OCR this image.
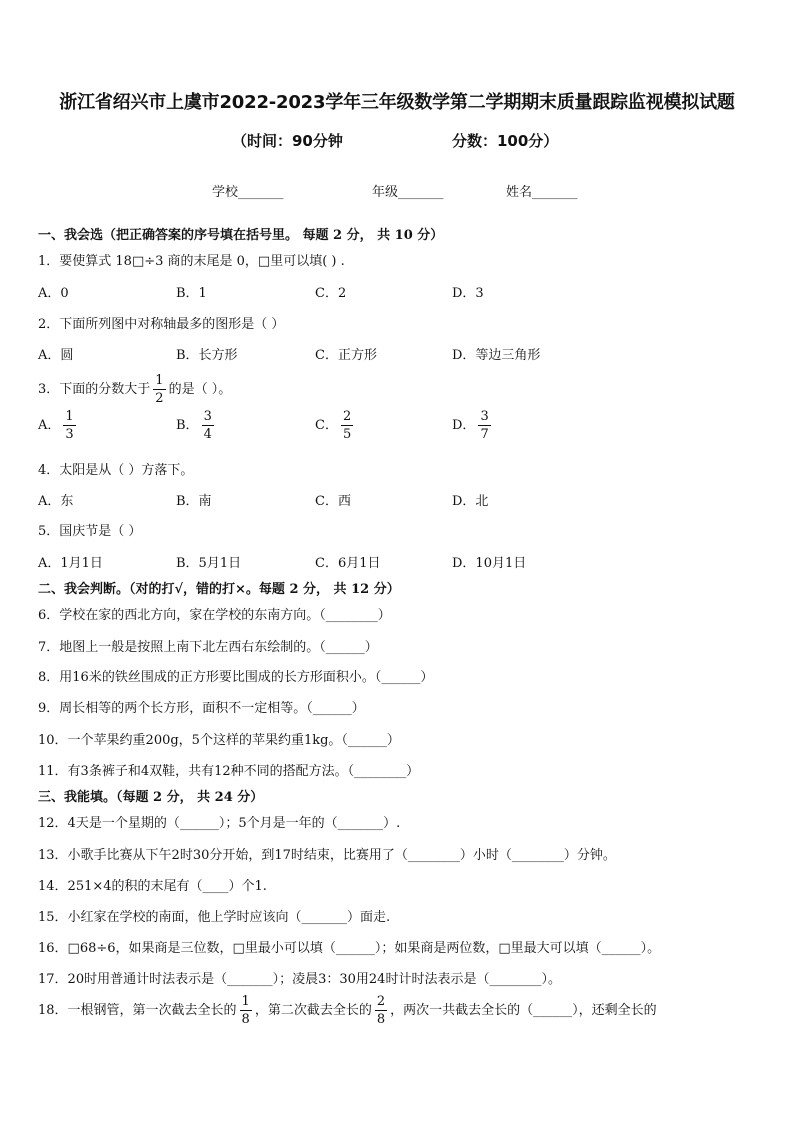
浙江省绍兴市上虞市2022-2023学年三年级数学第二学期期末质量跟踪监视模拟试题
（时间：90分钟	分数：100分）
学校_______	年级_______	姓名_______
一、我会选（把正确答案的序号填在括号里。 每题 2 分， 共 10 分）
1．要使算式 18□÷3 商的末尾是 0，□里可以填( ) .
A．0	B．1	C．2	D．3
2．下面所列图中对称轴最多的图形是（ ）
A．圆	B．长方形	C．正方形	D．等边三角形
3．下面的分数大于 $\frac{1}{2}$ 的是（ ）。
A． $\frac{1}{3}$	B． $\frac{3}{4}$	C． $\frac{2}{5}$	D． $\frac{3}{7}$
4．太阳是从（ ）方落下。
A．东	B．南	C．西	D．北
5．国庆节是（ ）
A．1月1日	B．5月1日	C．6月1日	D．10月1日
二、我会判断。（对的打√，错的打×。每题 2 分， 共 12 分）
6．学校在家的西北方向，家在学校的东南方向。（________）
7．地图上一般是按照上南下北左西右东绘制的。（______）
8．用16米的铁丝围成的正方形要比围成的长方形面积小。（______）
9．周长相等的两个长方形，面积不一定相等。（______）
10．一个苹果约重200g，5个这样的苹果约重1kg。（______）
11．有3条裤子和4双鞋，共有12种不同的搭配方法。（________）
三、我能填。（每题 2 分， 共 24 分）
12．4天是一个星期的（______）；5个月是一年的（_______）.
13．小歌手比赛从下午2时30分开始，到17时结束，比赛用了（________）小时（________）分钟。
14．251×4的积的末尾有（____）个1.
15．小红家在学校的南面，他上学时应该向（_______）面走.
16．□68÷6，如果商是三位数，□里最小可以填（______）；如果商是两位数，□里最大可以填（______）。
17．20时用普通计时法表示是（_______）；凌晨3：30用24时计时法表示是（________）。
18．一根钢管，第一次截去全长的 $\frac{1}{8}$ ，第二次截去全长的 $\frac{2}{8}$ ，两次一共截去全长的（______），还剩全长的
